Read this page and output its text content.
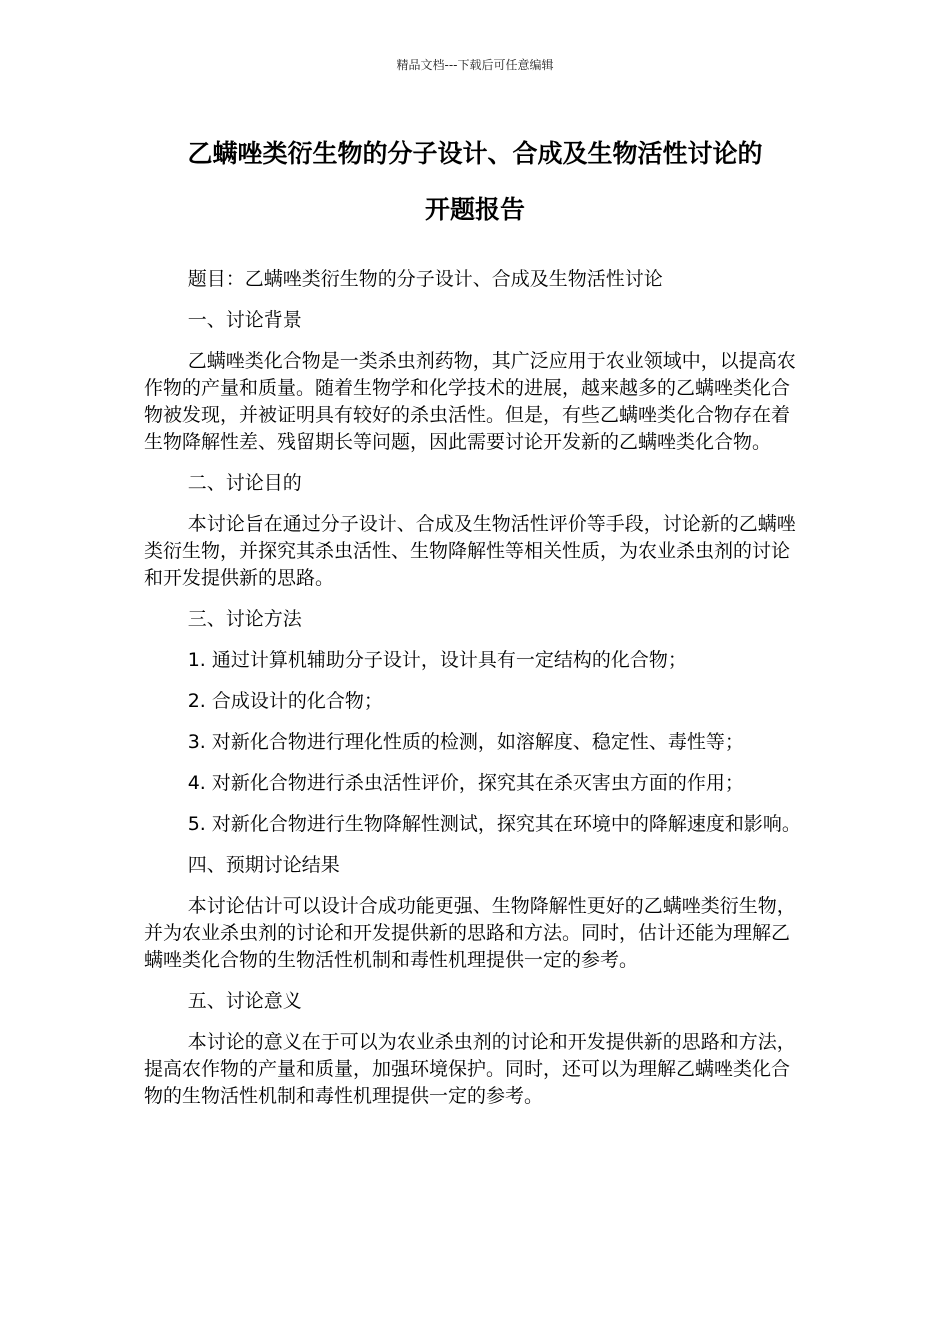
精品文档---下载后可任意编辑
乙螨唑类衍生物的分子设计、合成及生物活性讨论的
开题报告

题目：乙螨唑类衍生物的分子设计、合成及生物活性讨论

一、讨论背景

乙螨唑类化合物是一类杀虫剂药物，其广泛应用于农业领域中，以提高农作物的产量和质量。随着生物学和化学技术的进展，越来越多的乙螨唑类化合物被发现，并被证明具有较好的杀虫活性。但是，有些乙螨唑类化合物存在着生物降解性差、残留期长等问题，因此需要讨论开发新的乙螨唑类化合物。

二、讨论目的

本讨论旨在通过分子设计、合成及生物活性评价等手段，讨论新的乙螨唑类衍生物，并探究其杀虫活性、生物降解性等相关性质，为农业杀虫剂的讨论和开发提供新的思路。

三、讨论方法

1. 通过计算机辅助分子设计，设计具有一定结构的化合物；

2. 合成设计的化合物；

3. 对新化合物进行理化性质的检测，如溶解度、稳定性、毒性等；

4. 对新化合物进行杀虫活性评价，探究其在杀灭害虫方面的作用；

5. 对新化合物进行生物降解性测试，探究其在环境中的降解速度和影响。

四、预期讨论结果

本讨论估计可以设计合成功能更强、生物降解性更好的乙螨唑类衍生物，并为农业杀虫剂的讨论和开发提供新的思路和方法。同时，估计还能为理解乙螨唑类化合物的生物活性机制和毒性机理提供一定的参考。

五、讨论意义

本讨论的意义在于可以为农业杀虫剂的讨论和开发提供新的思路和方法，提高农作物的产量和质量，加强环境保护。同时，还可以为理解乙螨唑类化合物的生物活性机制和毒性机理提供一定的参考。
